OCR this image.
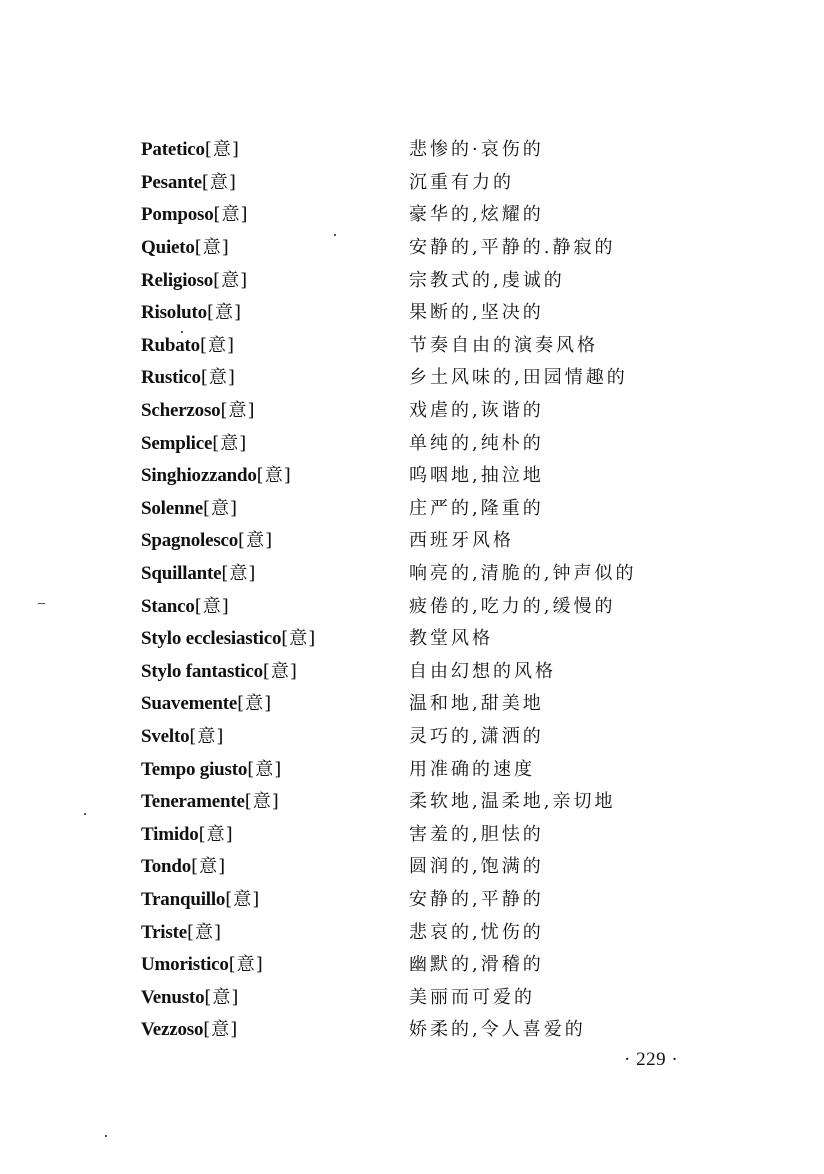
Patetico[意]	悲惨的·哀伤的
Pesante[意]	沉重有力的
Pomposo[意]	豪华的,炫耀的
Quieto[意]	安静的,平静的.静寂的
Religioso[意]	宗教式的,虔诚的
Risoluto[意]	果断的,坚决的
Rubato[意]	节奏自由的演奏风格
Rustico[意]	乡土风味的,田园情趣的
Scherzoso[意]	戏虐的,诙谐的
Semplice[意]	单纯的,纯朴的
Singhiozzando[意]	呜咽地,抽泣地
Solenne[意]	庄严的,隆重的
Spagnolesco[意]	西班牙风格
Squillante[意]	响亮的,清脆的,钟声似的
Stanco[意]	疲倦的,吃力的,缓慢的
Stylo ecclesiastico[意]	教堂风格
Stylo fantastico[意]	自由幻想的风格
Suavemente[意]	温和地,甜美地
Svelto[意]	灵巧的,潇洒的
Tempo giusto[意]	用准确的速度
Teneramente[意]	柔软地,温柔地,亲切地
Timido[意]	害羞的,胆怯的
Tondo[意]	圆润的,饱满的
Tranquillo[意]	安静的,平静的
Triste[意]	悲哀的,忧伤的
Umoristico[意]	幽默的,滑稽的
Venusto[意]	美丽而可爱的
Vezzoso[意]	娇柔的,令人喜爱的
· 229 ·
